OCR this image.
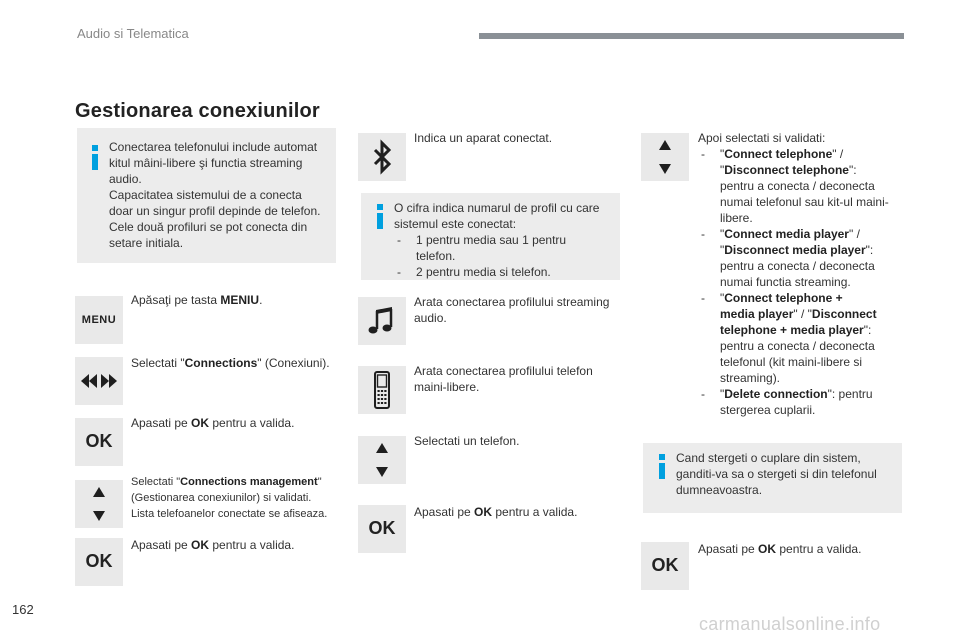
Audio si Telematica
Gestionarea conexiunilor
Conectarea telefonului include automat
kitul mâini-libere şi functia streaming
audio.
Capacitatea sistemului de a conecta
doar un singur profil depinde de telefon.
Cele două profiluri se pot conecta din
setare initiala.
MENU
Apăsaţi pe tasta MENIU.
Selectati "Connections" (Conexiuni).
OK
Apasati pe OK pentru a valida.
Selectati "Connections management"
(Gestionarea conexiunilor) si validati.
Lista telefoanelor conectate se afiseaza.
OK
Apasati pe OK pentru a valida.
Indica un aparat conectat.
O cifra indica numarul de profil cu care
sistemul este conectat:
- 1 pentru media sau 1 pentru
telefon.
- 2 pentru media si telefon.
Arata conectarea profilului streaming
audio.
Arata conectarea profilului telefon
maini-libere.
Selectati un telefon.
OK
Apasati pe OK pentru a valida.
Apoi selectati si validati:
- "Connect telephone" /
"Disconnect telephone":
pentru a conecta / deconecta
numai telefonul sau kit-ul maini-
libere.
- "Connect media player" /
"Disconnect media player":
pentru a conecta / deconecta
numai functia streaming.
- "Connect telephone +
media player" / "Disconnect
telephone + media player":
pentru a conecta / deconecta
telefonul (kit maini-libere si
streaming).
- "Delete connection": pentru
stergerea cuplarii.
Cand stergeti o cuplare din sistem,
ganditi-va sa o stergeti si din telefonul
dumneavoastra.
OK
Apasati pe OK pentru a valida.
162
carmanualsonline.info
